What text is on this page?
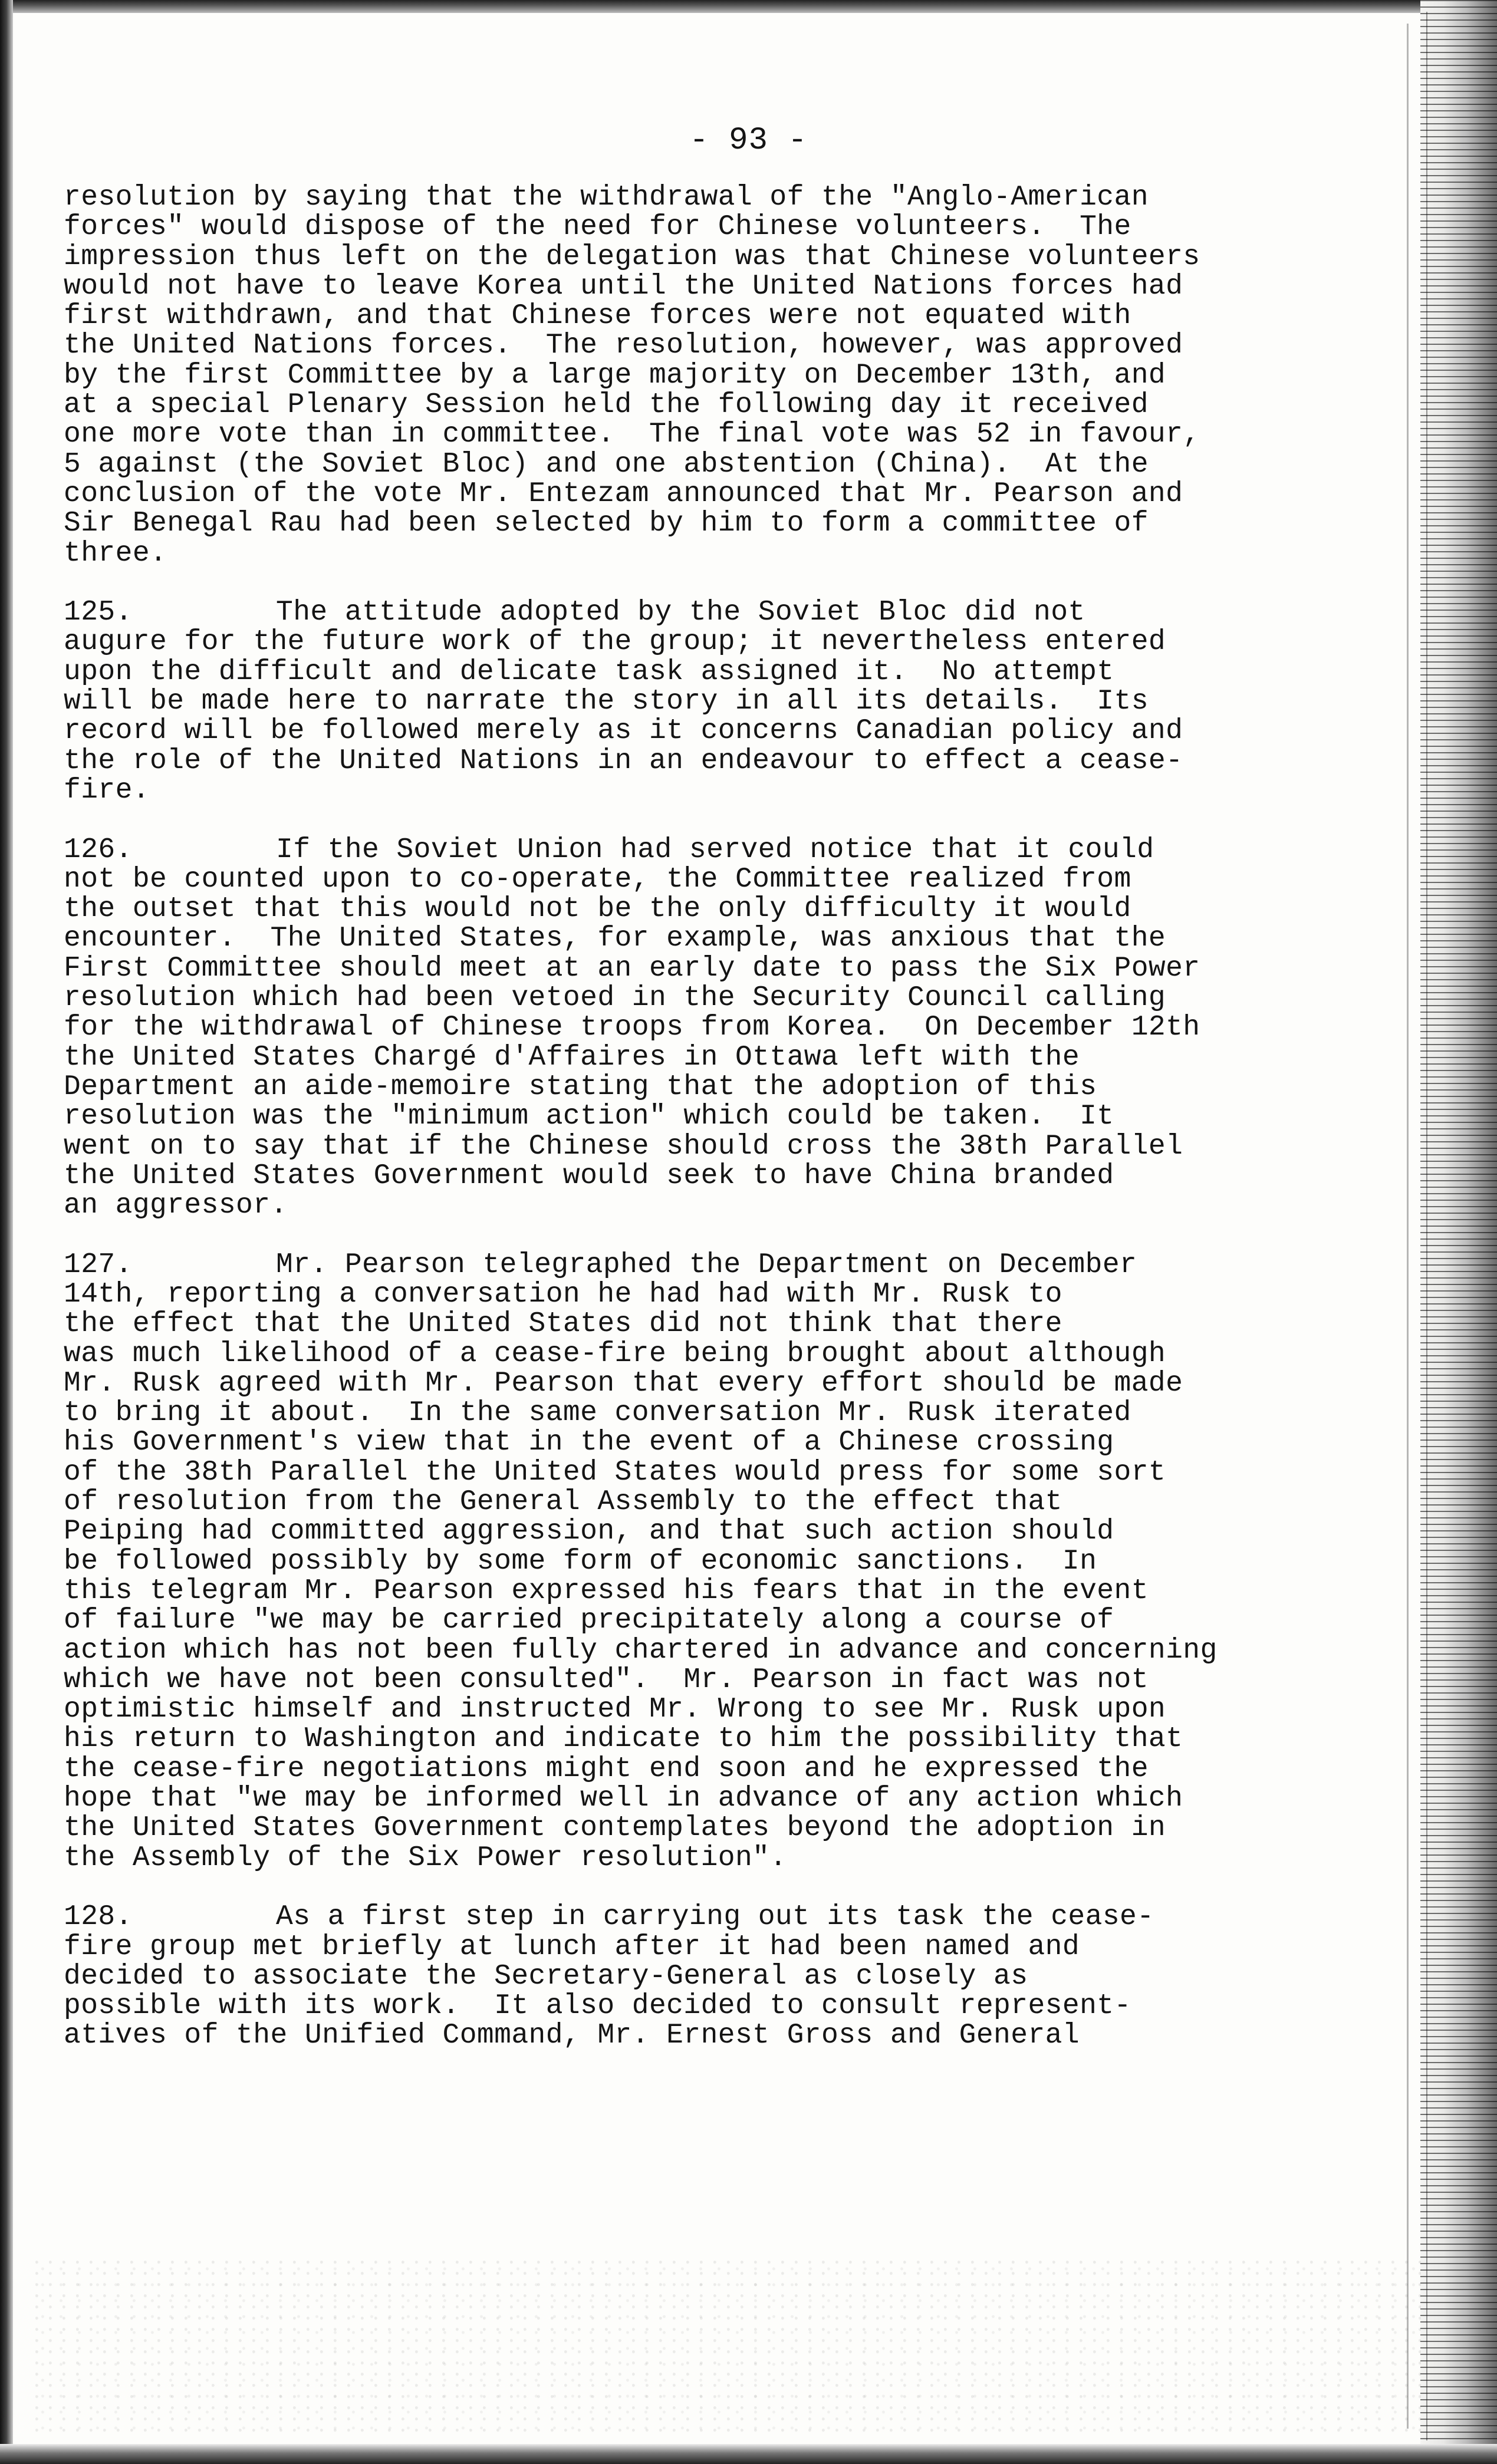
- 93 -
resolution by saying that the withdrawal of the "Anglo-American
forces" would dispose of the need for Chinese volunteers.  The
impression thus left on the delegation was that Chinese volunteers
would not have to leave Korea until the United Nations forces had
first withdrawn, and that Chinese forces were not equated with
the United Nations forces.  The resolution, however, was approved
by the first Committee by a large majority on December 13th, and
at a special Plenary Session held the following day it received
one more vote than in committee.  The final vote was 52 in favour,
5 against (the Soviet Bloc) and one abstention (China).  At the
conclusion of the vote Mr. Entezam announced that Mr. Pearson and
Sir Benegal Rau had been selected by him to form a committee of
three.
125.	The attitude adopted by the Soviet Bloc did not
augure for the future work of the group; it nevertheless entered
upon the difficult and delicate task assigned it.  No attempt
will be made here to narrate the story in all its details.  Its
record will be followed merely as it concerns Canadian policy and
the role of the United Nations in an endeavour to effect a cease-
fire.
126.	If the Soviet Union had served notice that it could
not be counted upon to co-operate, the Committee realized from
the outset that this would not be the only difficulty it would
encounter.  The United States, for example, was anxious that the
First Committee should meet at an early date to pass the Six Power
resolution which had been vetoed in the Security Council calling
for the withdrawal of Chinese troops from Korea.  On December 12th
the United States Chargé d'Affaires in Ottawa left with the
Department an aide-memoire stating that the adoption of this
resolution was the "minimum action" which could be taken.  It
went on to say that if the Chinese should cross the 38th Parallel
the United States Government would seek to have China branded
an aggressor.
127.	Mr. Pearson telegraphed the Department on December
14th, reporting a conversation he had had with Mr. Rusk to
the effect that the United States did not think that there
was much likelihood of a cease-fire being brought about although
Mr. Rusk agreed with Mr. Pearson that every effort should be made
to bring it about.  In the same conversation Mr. Rusk iterated
his Government's view that in the event of a Chinese crossing
of the 38th Parallel the United States would press for some sort
of resolution from the General Assembly to the effect that
Peiping had committed aggression, and that such action should
be followed possibly by some form of economic sanctions.  In
this telegram Mr. Pearson expressed his fears that in the event
of failure "we may be carried precipitately along a course of
action which has not been fully chartered in advance and concerning
which we have not been consulted".  Mr. Pearson in fact was not
optimistic himself and instructed Mr. Wrong to see Mr. Rusk upon
his return to Washington and indicate to him the possibility that
the cease-fire negotiations might end soon and he expressed the
hope that "we may be informed well in advance of any action which
the United States Government contemplates beyond the adoption in
the Assembly of the Six Power resolution".
128.	As a first step in carrying out its task the cease-
fire group met briefly at lunch after it had been named and
decided to associate the Secretary-General as closely as
possible with its work.  It also decided to consult represent-
atives of the Unified Command, Mr. Ernest Gross and General
